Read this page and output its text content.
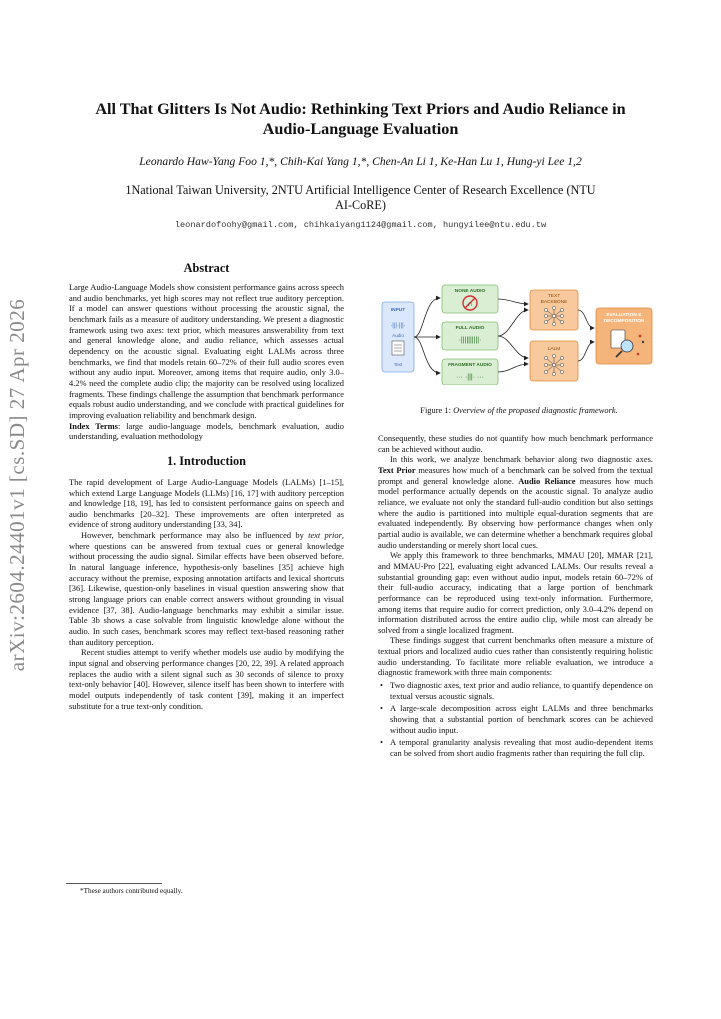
arXiv:2604.24401v1 [cs.SD] 27 Apr 2026
All That Glitters Is Not Audio: Rethinking Text Priors and Audio Reliance in
Audio-Language Evaluation
Leonardo Haw-Yang Foo 1,*, Chih-Kai Yang 1,*, Chen-An Li 1, Ke-Han Lu 1, Hung-yi Lee 1,2
1National Taiwan University, 2NTU Artificial Intelligence Center of Research Excellence (NTU
AI-CoRE)
leonardofoohy@gmail.com, chihkaiyang1124@gmail.com, hungyilee@ntu.edu.tw
Abstract

Large Audio-Language Models show consistent performance gains across speech and audio benchmarks, yet high scores may not reflect true auditory perception. If a model can answer questions without processing the acoustic signal, the benchmark fails as a measure of auditory understanding. We present a diagnostic framework using two axes: text prior, which measures answerability from text and general knowledge alone, and audio reliance, which assesses actual dependency on the acoustic signal. Evaluating eight LALMs across three benchmarks, we find that models retain 60–72% of their full audio scores even without any audio input. Moreover, among items that require audio, only 3.0–4.2% need the complete audio clip; the majority can be resolved using localized fragments. These findings challenge the assumption that benchmark performance equals robust audio understanding, and we conclude with practical guidelines for improving evaluation reliability and benchmark design.

Index Terms: large audio-language models, benchmark evaluation, audio understanding, evaluation methodology

1. Introduction

The rapid development of Large Audio-Language Models (LALMs) [1–15], which extend Large Language Models (LLMs) [16, 17] with auditory perception and knowledge [18, 19], has led to consistent performance gains on speech and audio benchmarks [20–32]. These improvements are often interpreted as evidence of strong auditory understanding [33, 34].

However, benchmark performance may also be influenced by text prior, where questions can be answered from textual cues or general knowledge without processing the audio signal. Similar effects have been observed before. In natural language inference, hypothesis-only baselines [35] achieve high accuracy without the premise, exposing annotation artifacts and lexical shortcuts [36]. Likewise, question-only baselines in visual question answering show that strong language priors can enable correct answers without grounding in visual evidence [37, 38]. Audio-language benchmarks may exhibit a similar issue. Table 3b shows a case solvable from linguistic knowledge alone without the audio. In such cases, benchmark scores may reflect text-based reasoning rather than auditory perception.

Recent studies attempt to verify whether models use audio by modifying the input signal and observing performance changes [20, 22, 39]. A related approach replaces the audio with a silent signal such as 30 seconds of silence to proxy text-only behavior [40]. However, silence itself has been shown to interfere with model outputs independently of task content [39], making it an imperfect substitute for a true text-only condition.

*These authors contributed equally.
INPUT
·|||·|||·
Audio
Text
NONE AUDIO
∩
FULL AUDIO
·||||||||||·
FRAGMENT AUDIO
··· ·|||· ···
TEXT
BACKBONE
LALM
EVALUATION &
DECOMPOSITION
Figure 1: Overview of the proposed diagnostic framework.

Consequently, these studies do not quantify how much benchmark performance can be achieved without audio.

In this work, we analyze benchmark behavior along two diagnostic axes. Text Prior measures how much of a benchmark can be solved from the textual prompt and general knowledge alone. Audio Reliance measures how much model performance actually depends on the acoustic signal. To analyze audio reliance, we evaluate not only the standard full-audio condition but also settings where the audio is partitioned into multiple equal-duration segments that are evaluated independently. By observing how performance changes when only partial audio is available, we can determine whether a benchmark requires global audio understanding or merely short local cues.

We apply this framework to three benchmarks, MMAU [20], MMAR [21], and MMAU-Pro [22], evaluating eight advanced LALMs. Our results reveal a substantial grounding gap: even without audio input, models retain 60–72% of their full-audio accuracy, indicating that a large portion of benchmark performance can be reproduced using text-only information. Furthermore, among items that require audio for correct prediction, only 3.0–4.2% depend on information distributed across the entire audio clip, while most can already be solved from a single localized fragment.

These findings suggest that current benchmarks often measure a mixture of textual priors and localized audio cues rather than consistently requiring holistic audio understanding. To facilitate more reliable evaluation, we introduce a diagnostic framework with three main components:

• Two diagnostic axes, text prior and audio reliance, to quantify dependence on textual versus acoustic signals.

• A large-scale decomposition across eight LALMs and three benchmarks showing that a substantial portion of benchmark scores can be achieved without audio input.

• A temporal granularity analysis revealing that most audio-dependent items can be solved from short audio fragments rather than requiring the full clip.
